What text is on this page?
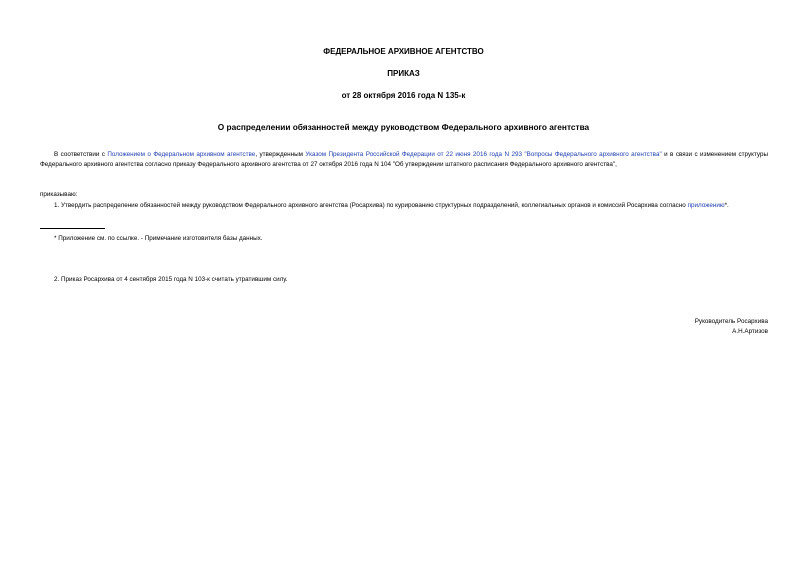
ФЕДЕРАЛЬНОЕ АРХИВНОЕ АГЕНТСТВО
ПРИКАЗ
от 28 октября 2016 года N 135-к
О распределении обязанностей между руководством Федерального архивного агентства
В соответствии с Положением о Федеральном архивном агентстве, утвержденным Указом Президента Российской Федерации от 22 июня 2016 года N 293 "Вопросы Федерального архивного агентства" и в связи с изменением структуры Федерального архивного агентства согласно приказу Федерального архивного агентства от 27 октября 2016 года N 104 "Об утверждении штатного расписания Федерального архивного агентства",
приказываю:
1. Утвердить распределение обязанностей между руководством Федерального архивного агентства (Росархива) по курированию структурных подразделений, коллегиальных органов и комиссий Росархива согласно приложению*.
* Приложение см. по ссылке. - Примечание изготовителя базы данных.
2. Приказ Росархива от 4 сентября 2015 года N 103-к считать утратившим силу.
Руководитель Росархива
А.Н.Артизов
